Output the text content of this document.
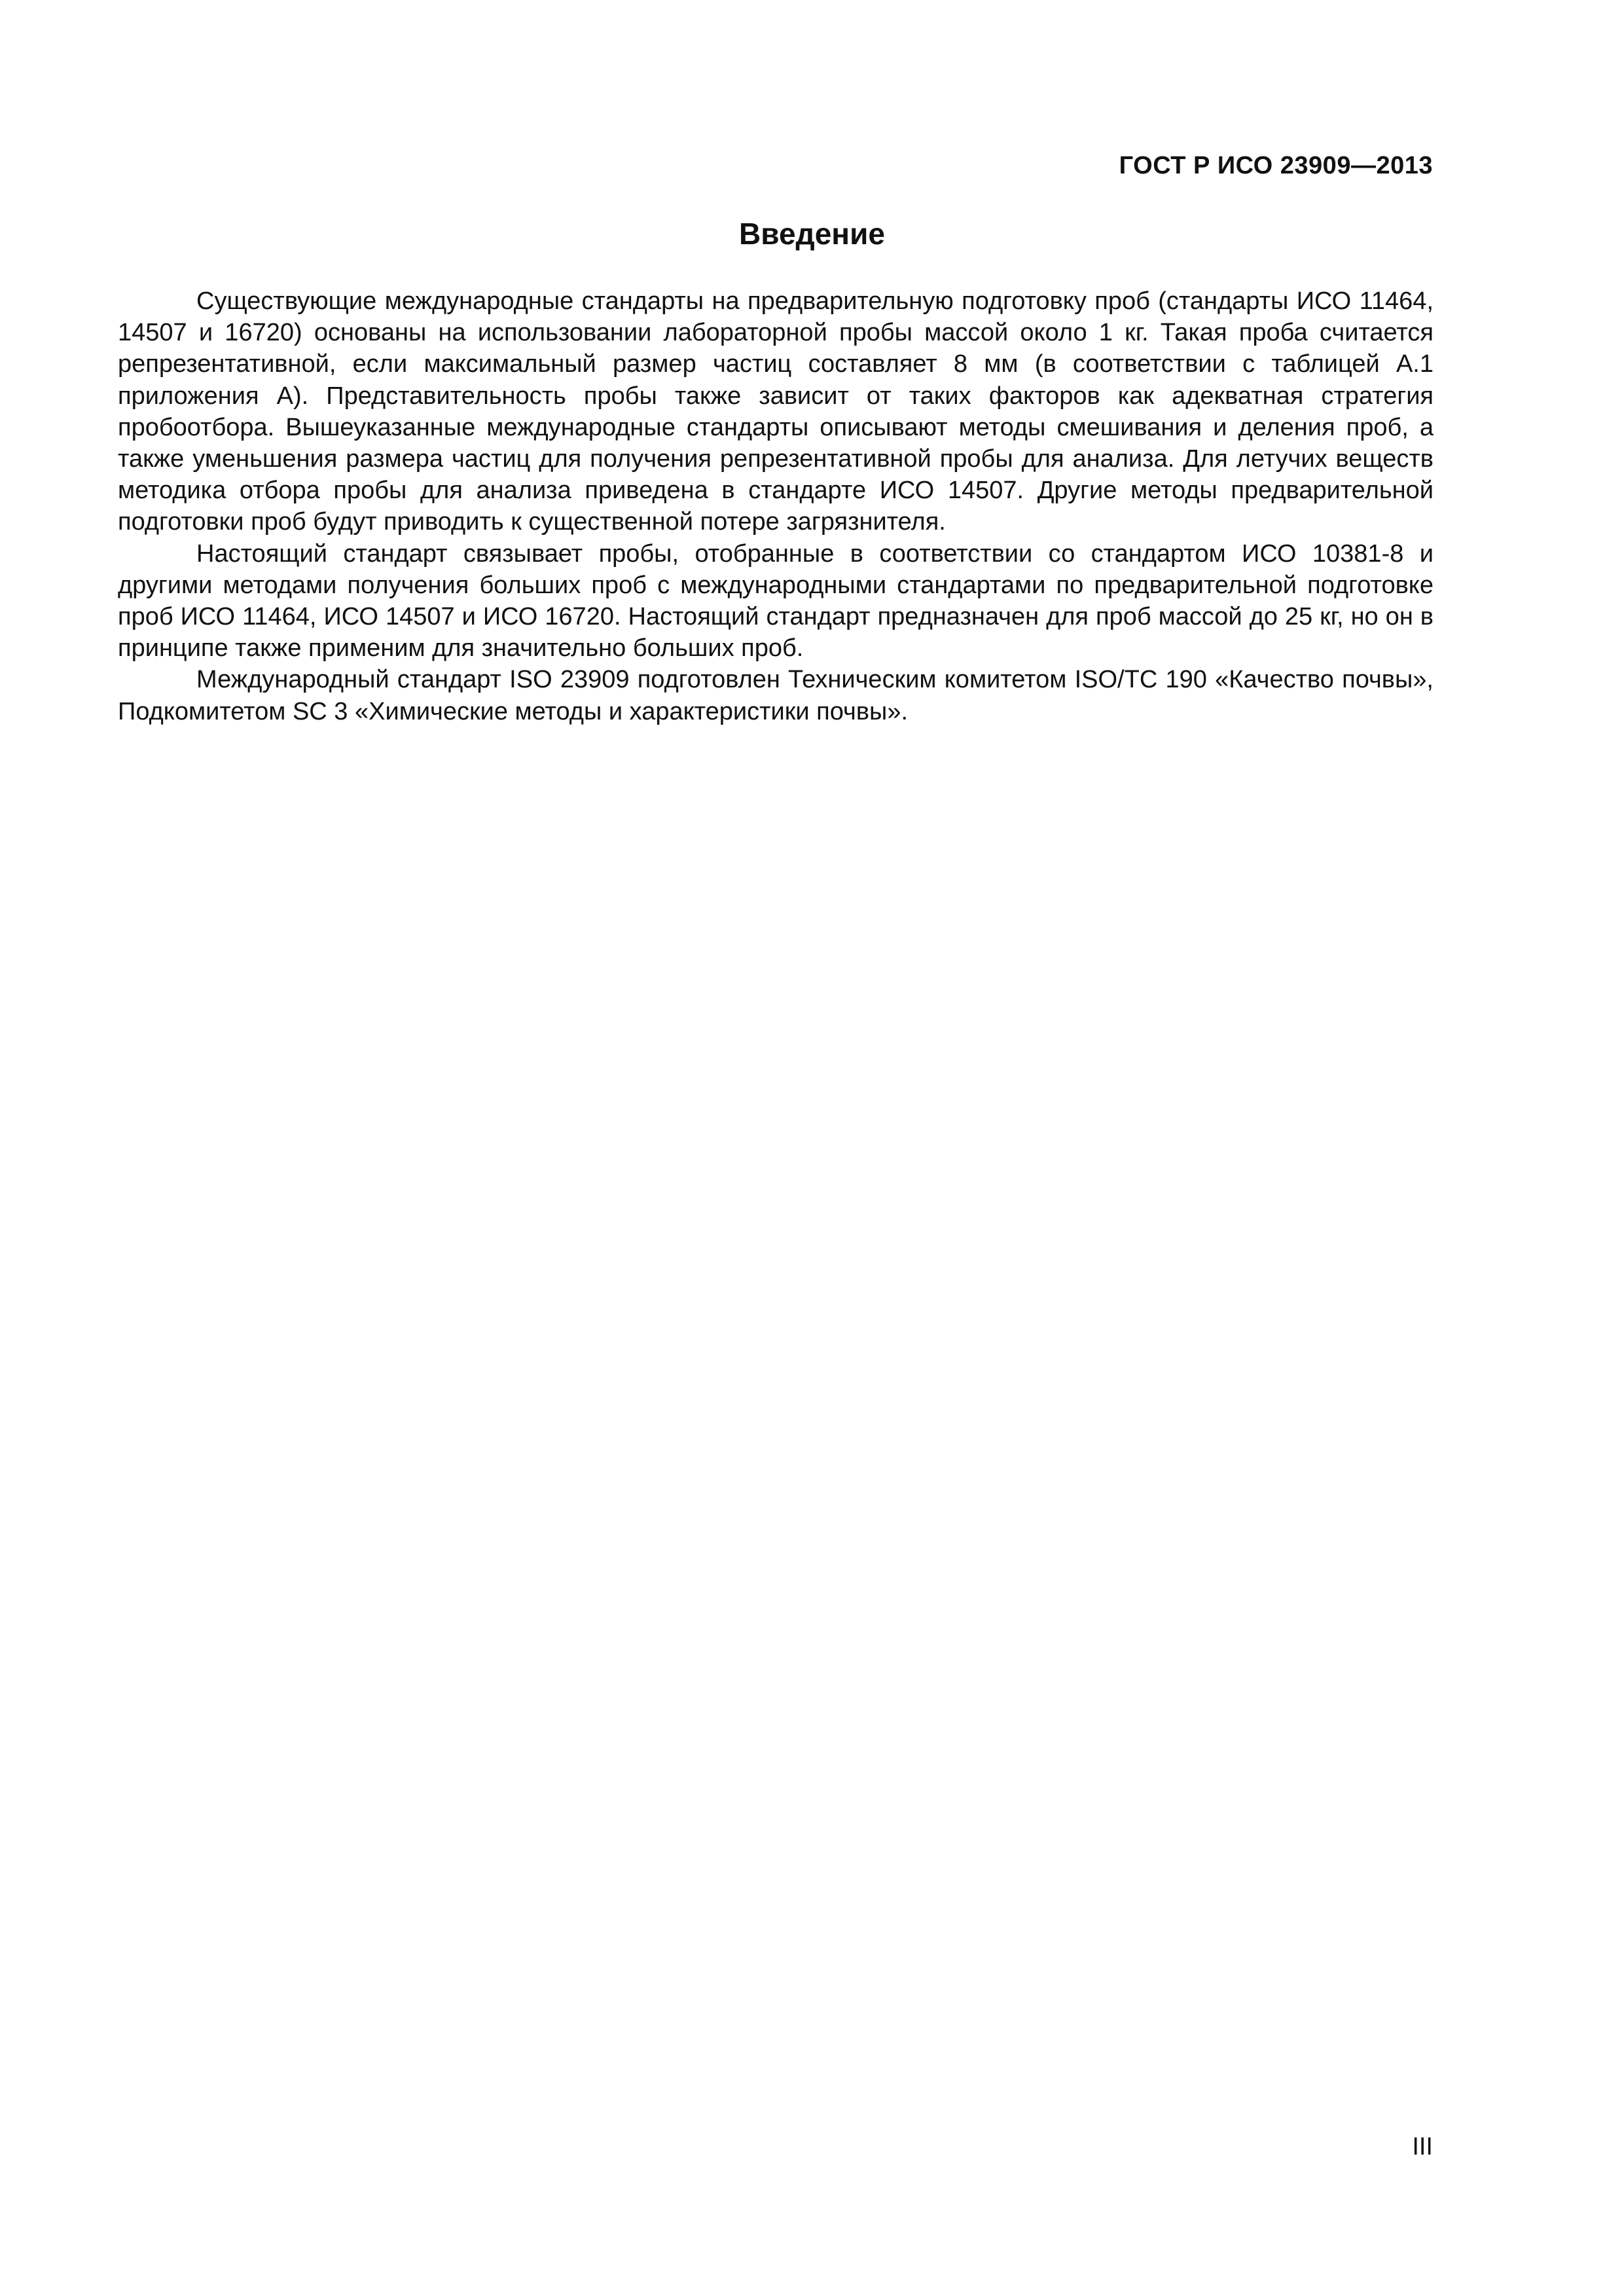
ГОСТ Р ИСО 23909—2013
Введение

Существующие международные стандарты на предварительную подготовку проб (стандарты ИСО 11464, 14507 и 16720) основаны на использовании лабораторной пробы массой около 1 кг. Такая проба считается репрезентативной, если максимальный размер частиц составляет 8 мм (в соответствии с таблицей А.1 приложения А). Представительность пробы также зависит от таких факторов как адекватная стратегия пробоотбора. Вышеуказанные международные стандарты описывают методы смешивания и деления проб, а также уменьшения размера частиц для получения репрезентативной пробы для анализа. Для летучих веществ методика отбора пробы для анализа приведена в стандарте ИСО 14507. Другие методы предварительной подготовки проб будут приводить к существенной потере загрязнителя.

Настоящий стандарт связывает пробы, отобранные в соответствии со стандартом ИСО 10381-8 и другими методами получения больших проб с международными стандартами по предварительной подготовке проб ИСО 11464, ИСО 14507 и ИСО 16720. Настоящий стандарт предназначен для проб массой до 25 кг, но он в принципе также применим для значительно больших проб.

Международный стандарт ISO 23909 подготовлен Техническим комитетом ISO/TC 190 «Качество почвы», Подкомитетом SC 3 «Химические методы и характеристики почвы».

III
